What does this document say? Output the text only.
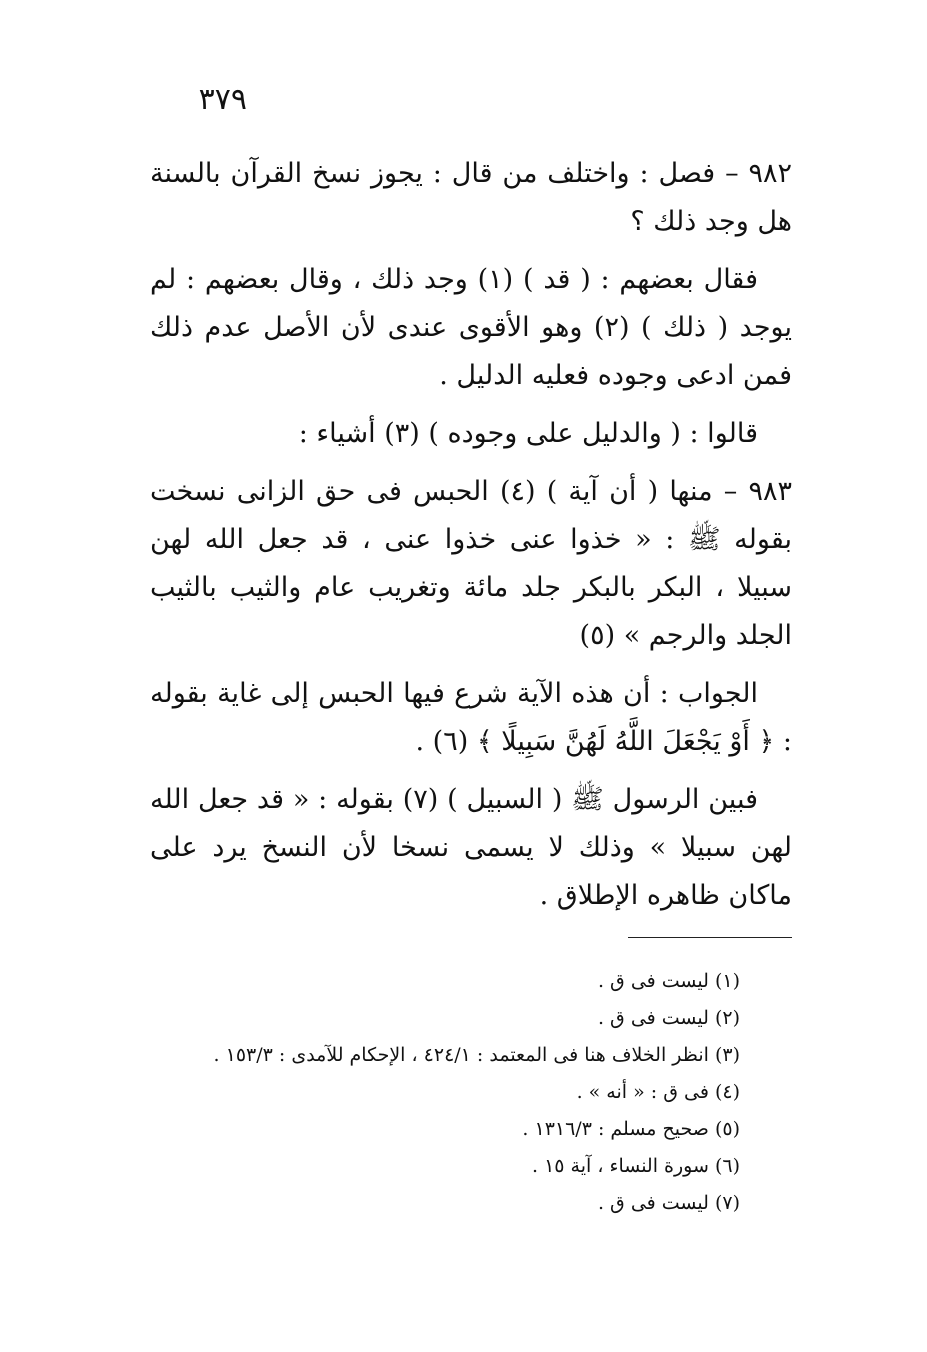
٣٧٩

٩٨٢ – فصل : واختلف من قال : يجوز نسخ القرآن بالسنة هل وجد ذلك ؟

فقال بعضهم : ( قد ) (١) وجد ذلك ، وقال بعضهم : لم يوجد ( ذلك ) (٢) وهو الأقوى عندى لأن الأصل عدم ذلك فمن ادعى وجوده فعليه الدليل .

قالوا : ( والدليل على وجوده ) (٣) أشياء :

٩٨٣ – منها ( أن آية ) (٤) الحبس فى حق الزانى نسخت بقوله ﷺ : « خذوا عنى خذوا عنى ، قد جعل الله لهن سبيلا ، البكر بالبكر جلد مائة وتغريب عام والثيب بالثيب الجلد والرجم » (٥)

الجواب : أن هذه الآية شرع فيها الحبس إلى غاية بقوله : ﴿ أَوْ يَجْعَلَ اللَّهُ لَهُنَّ سَبِيلًا ﴾ (٦) .

فبين الرسول ﷺ ( السبيل ) (٧) بقوله : « قد جعل الله لهن سبيلا » وذلك لا يسمى نسخا لأن النسخ يرد على ماكان ظاهره الإطلاق .

(١) ليست فى ق .
(٢) ليست فى ق .
(٣) انظر الخلاف هنا فى المعتمد : ٤٢٤/١ ، الإحكام للآمدى : ١٥٣/٣ .
(٤) فى ق : « أنه » .
(٥) صحيح مسلم : ١٣١٦/٣ .
(٦) سورة النساء ، آية ١٥ .
(٧) ليست فى ق .
